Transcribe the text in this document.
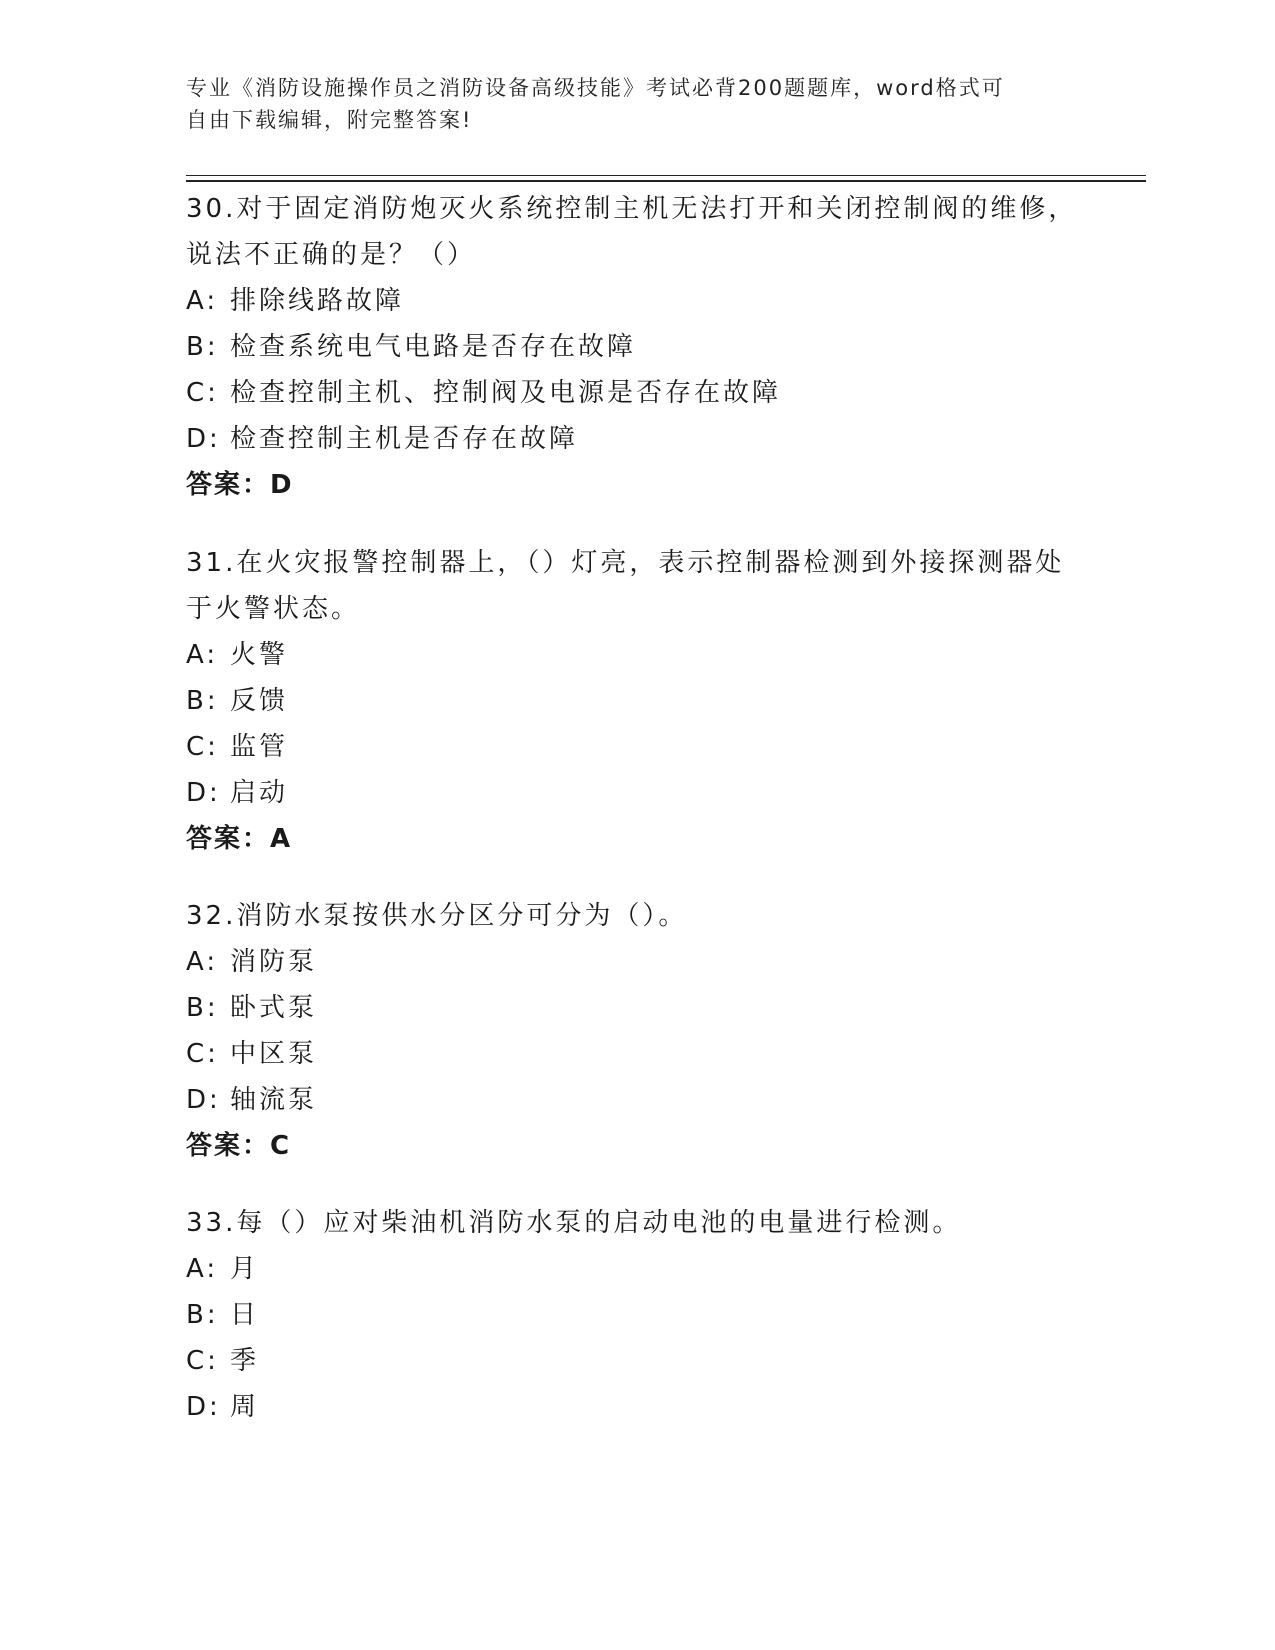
专业《消防设施操作员之消防设备高级技能》考试必背200题题库，word格式可
自由下载编辑，附完整答案!
30.对于固定消防炮灭火系统控制主机无法打开和关闭控制阀的维修，
说法不正确的是？（）
A: 排除线路故障
B: 检查系统电气电路是否存在故障
C: 检查控制主机、控制阀及电源是否存在故障
D: 检查控制主机是否存在故障
答案：D
31.在火灾报警控制器上，（）灯亮，表示控制器检测到外接探测器处
于火警状态。
A: 火警
B: 反馈
C: 监管
D: 启动
答案：A
32.消防水泵按供水分区分可分为（）。
A: 消防泵
B: 卧式泵
C: 中区泵
D: 轴流泵
答案：C
33.每（）应对柴油机消防水泵的启动电池的电量进行检测。
A: 月
B: 日
C: 季
D: 周
